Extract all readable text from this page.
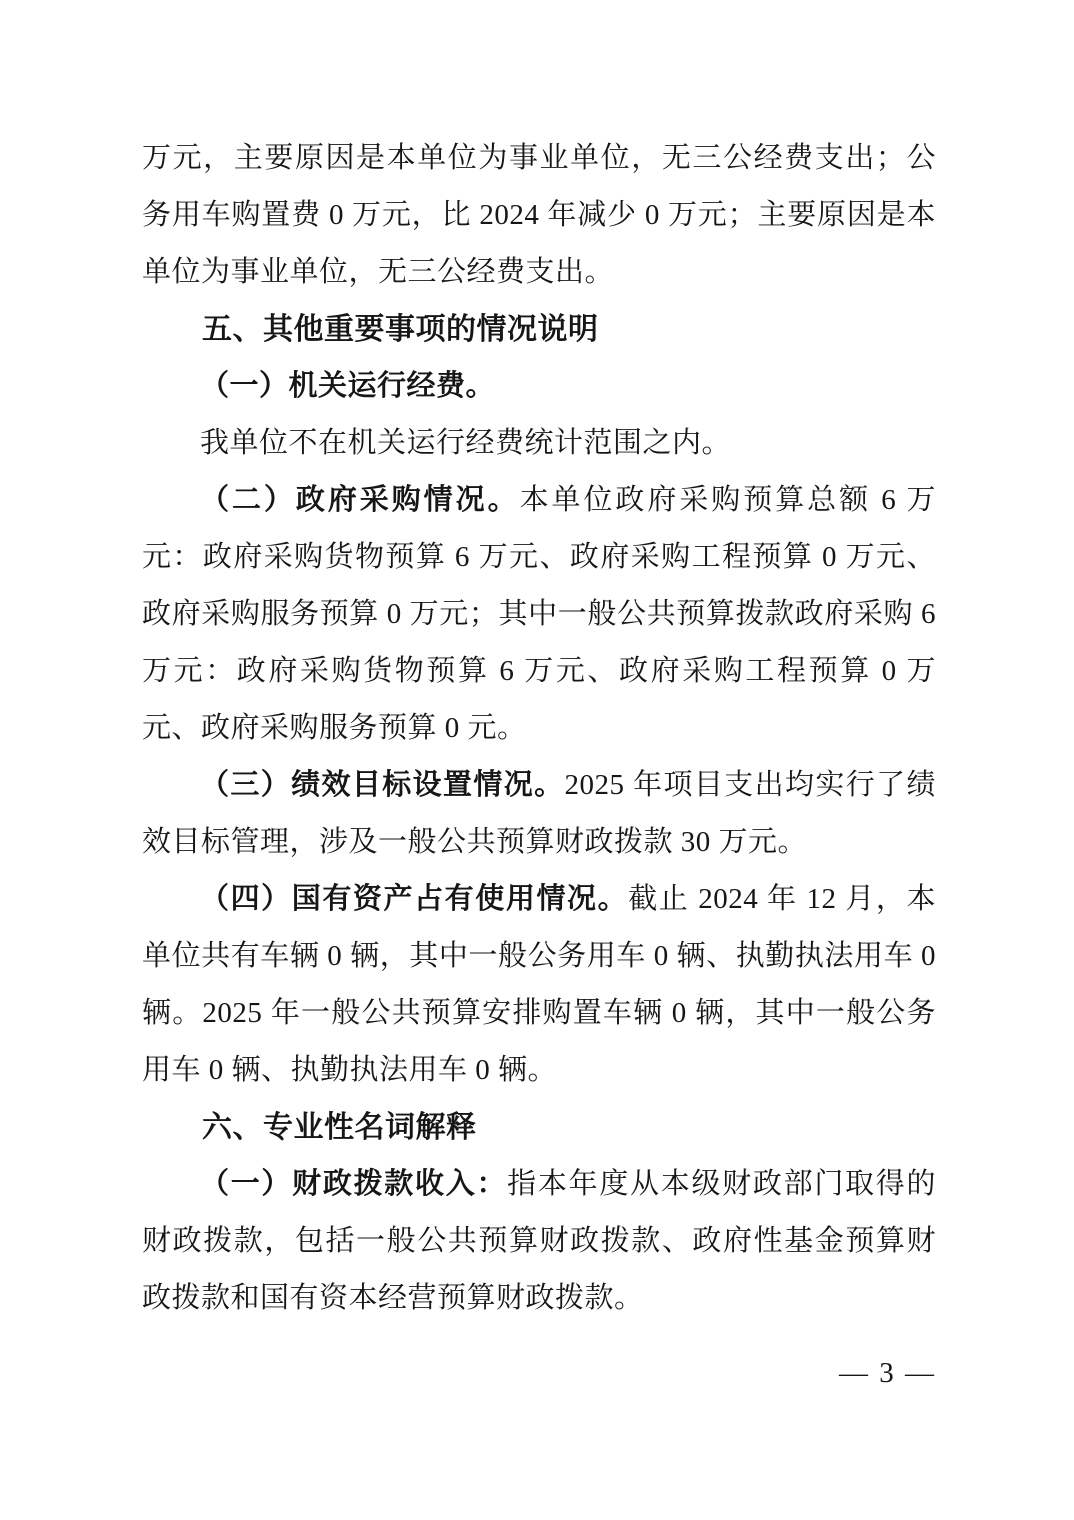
万元，主要原因是本单位为事业单位，无三公经费支出；公务用车购置费 0 万元，比 2024 年减少 0 万元；主要原因是本单位为事业单位，无三公经费支出。

五、其他重要事项的情况说明

（一）机关运行经费。

我单位不在机关运行经费统计范围之内。

（二）政府采购情况。本单位政府采购预算总额 6 万元：政府采购货物预算 6 万元、政府采购工程预算 0 万元、政府采购服务预算 0 万元；其中一般公共预算拨款政府采购 6 万元：政府采购货物预算 6 万元、政府采购工程预算 0 万元、政府采购服务预算 0 元。

（三）绩效目标设置情况。2025 年项目支出均实行了绩效目标管理，涉及一般公共预算财政拨款 30 万元。

（四）国有资产占有使用情况。截止 2024 年 12 月，本单位共有车辆 0 辆，其中一般公务用车 0 辆、执勤执法用车 0 辆。2025 年一般公共预算安排购置车辆 0 辆，其中一般公务用车 0 辆、执勤执法用车 0 辆。

六、专业性名词解释

（一）财政拨款收入：指本年度从本级财政部门取得的财政拨款，包括一般公共预算财政拨款、政府性基金预算财政拨款和国有资本经营预算财政拨款。

— 3 —
